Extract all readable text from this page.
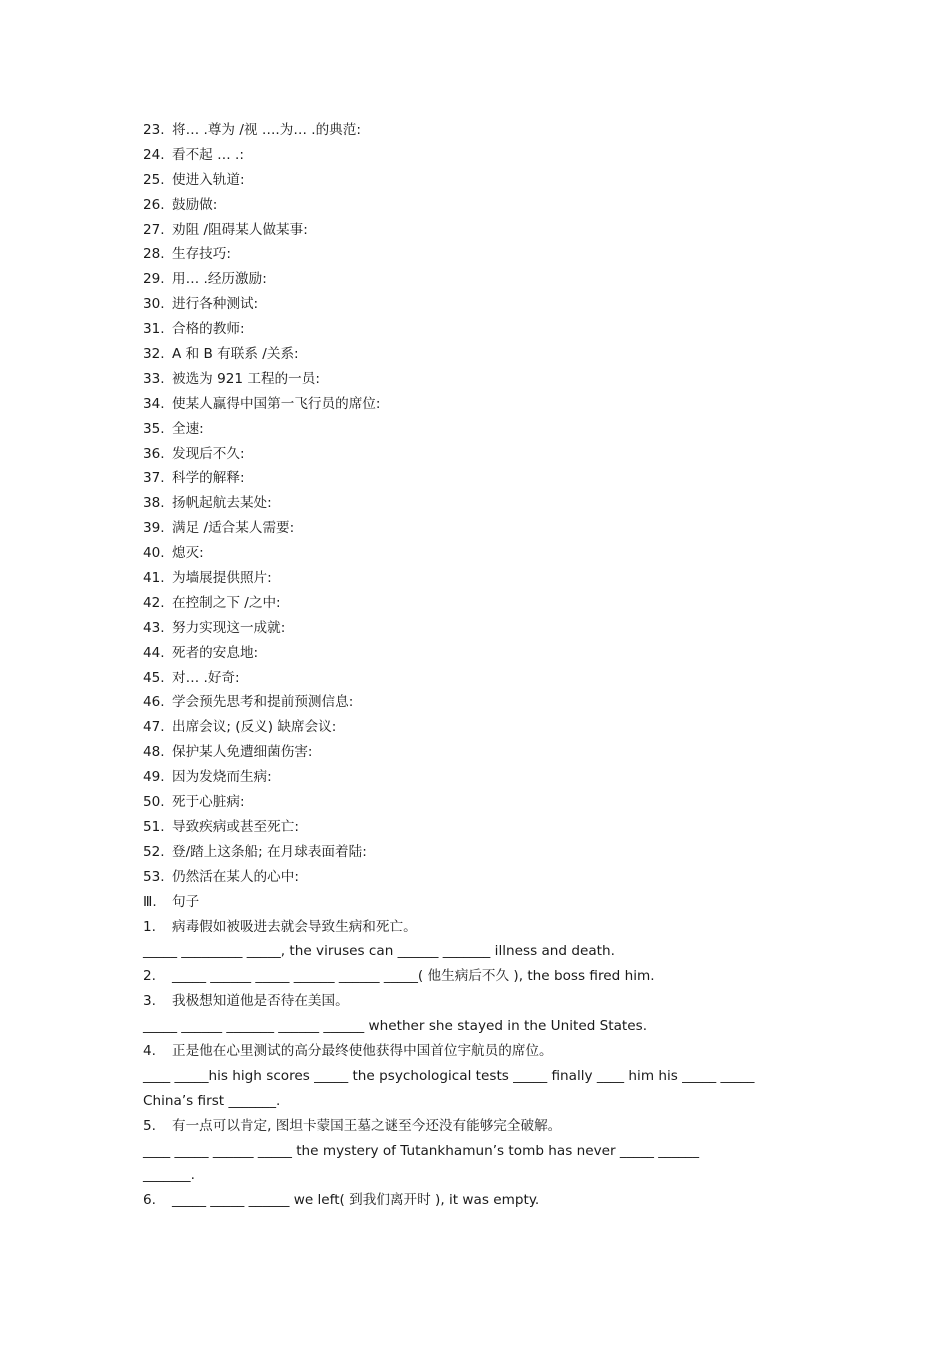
23. 将… .尊为 /视 ….为… .的典范:
24. 看不起 … .:
25. 使进入轨道:
26. 鼓励做:
27. 劝阻 /阻碍某人做某事:
28. 生存技巧:
29. 用… .经历激励:
30. 进行各种测试:
31. 合格的教师:
32. A 和 B 有联系 /关系:
33. 被选为 921 工程的一员:
34. 使某人赢得中国第一飞行员的席位:
35. 全速:
36. 发现后不久:
37. 科学的解释:
38. 扬帆起航去某处:
39. 满足 /适合某人需要:
40. 熄灭:
41. 为墙展提供照片:
42. 在控制之下 /之中:
43. 努力实现这一成就:
44. 死者的安息地:
45. 对… .好奇:
46. 学会预先思考和提前预测信息:
47. 出席会议; (反义) 缺席会议:
48. 保护某人免遭细菌伤害:
49. 因为发烧而生病:
50. 死于心脏病:
51. 导致疾病或甚至死亡:
52. 登/踏上这条船; 在月球表面着陆:
53. 仍然活在某人的心中:
Ⅲ. 句子
1. 病毒假如被吸进去就会导致生病和死亡。
_____ _________ _____, the viruses can ______ _______ illness and death.
2. _____ ______ _____ ______ ______ _____( 他生病后不久 ), the boss fired him.
3. 我极想知道他是否待在美国。
_____ ______ _______ ______ ______ whether she stayed in the United States.
4. 正是他在心里测试的高分最终使他获得中国首位宇航员的席位。
____ _____his high scores _____ the psychological tests _____ finally ____ him his _____ _____
China’s first _______.
5. 有一点可以肯定, 图坦卡蒙国王墓之谜至今还没有能够完全破解。
____ _____ ______ _____ the mystery of Tutankhamun’s tomb has never _____ ______
_______.
6. _____ _____ ______ we left( 到我们离开时 ), it was empty.
